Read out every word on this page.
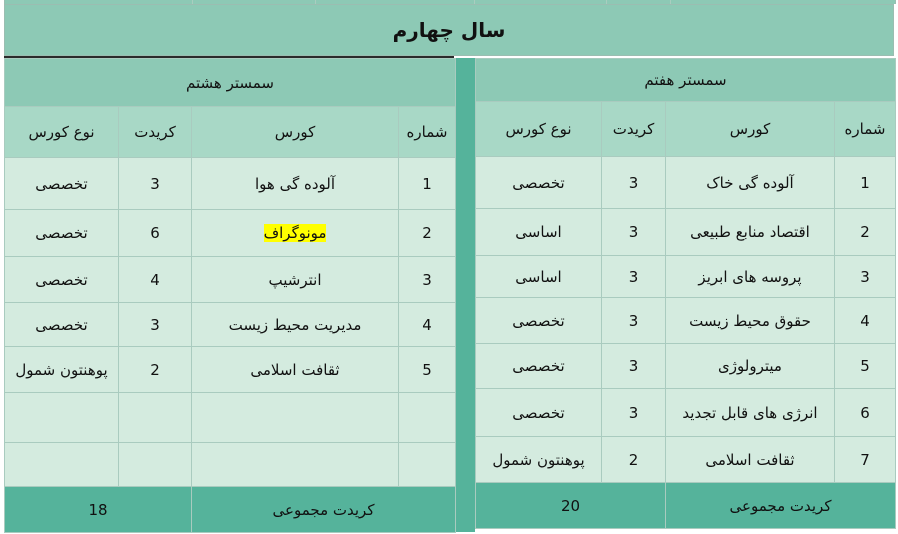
سال چهارم
سمستر هشتم			
نوع کورس	کریدت	کورس	شماره
تخصصی	3	آلوده گی هوا	1
تخصصی	6	مونوگراف	2
تخصصی	4	انترشیپ	3
تخصصی	3	مدیریت محیط زیست	4
پوهنتون شمول	2	ثقافت اسلامی	5

18		کریدت مجموعی	
سمستر هفتم			
نوع کورس	کریدت	کورس	شماره
تخصصی	3	آلوده گی خاک	1
اساسی	3	اقتصاد منابع طبیعی	2
اساسی	3	پروسه های ابریز	3
تخصصی	3	حقوق محیط زیست	4
تخصصی	3	میترولوژی	5
تخصصی	3	انرژی های قابل تجدید	6
پوهنتون شمول	2	ثقافت اسلامی	7
20		کریدت مجموعی	
